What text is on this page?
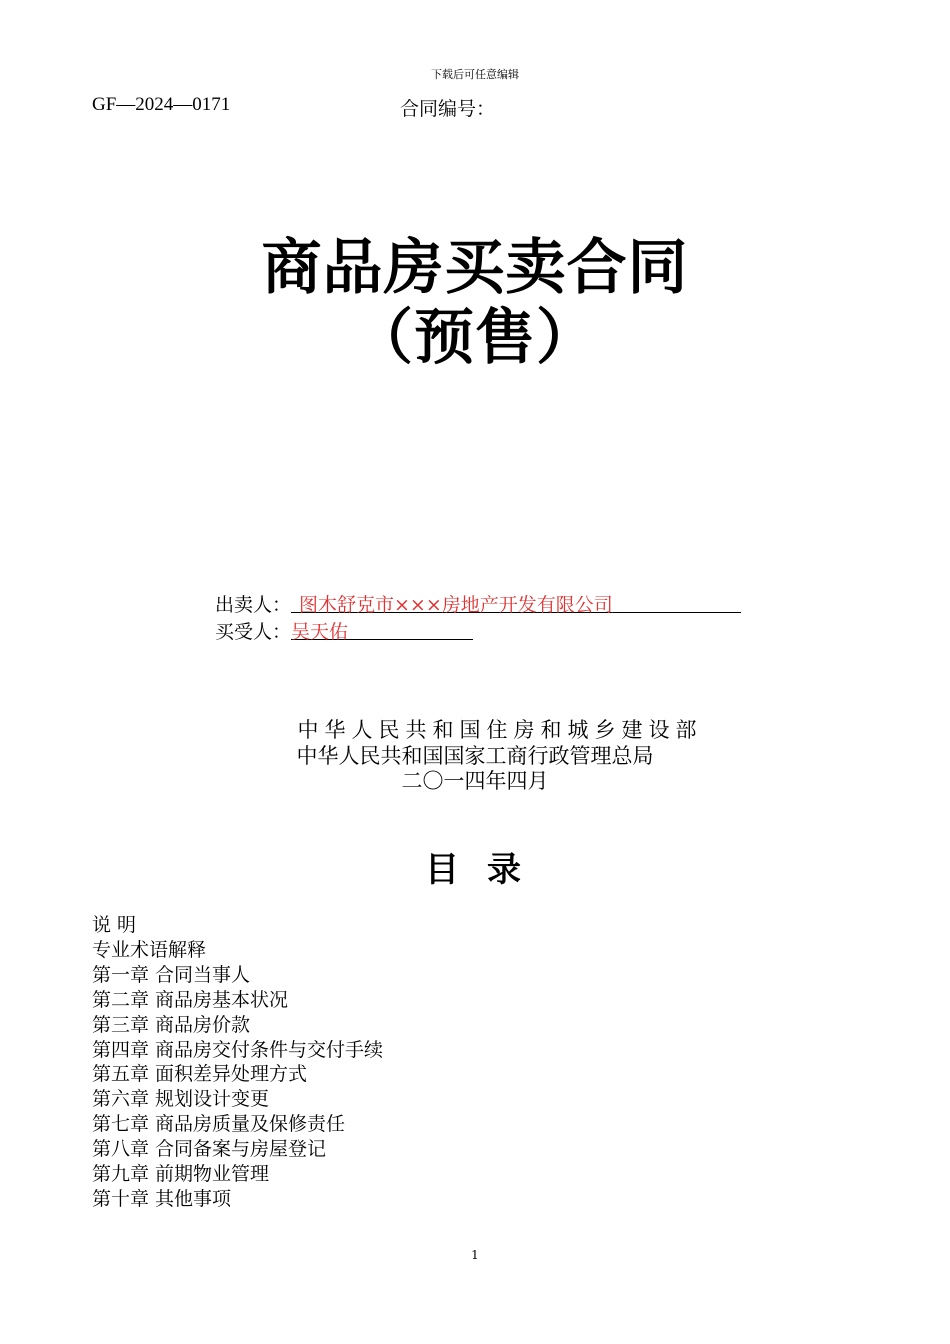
下载后可任意编辑
GF—2024—0171	合同编号：
商品房买卖合同
（预售）
出卖人： 图木舒克市×××房地产开发有限公司
买受人： 吴天佑
中华人民共和国住房和城乡建设部
中华人民共和国国家工商行政管理总局
二〇一四年四月
目录
说 明
专业术语解释
第一章 合同当事人
第二章 商品房基本状况
第三章 商品房价款
第四章 商品房交付条件与交付手续
第五章 面积差异处理方式
第六章 规划设计变更
第七章 商品房质量及保修责任
第八章 合同备案与房屋登记
第九章 前期物业管理
第十章 其他事项
1
